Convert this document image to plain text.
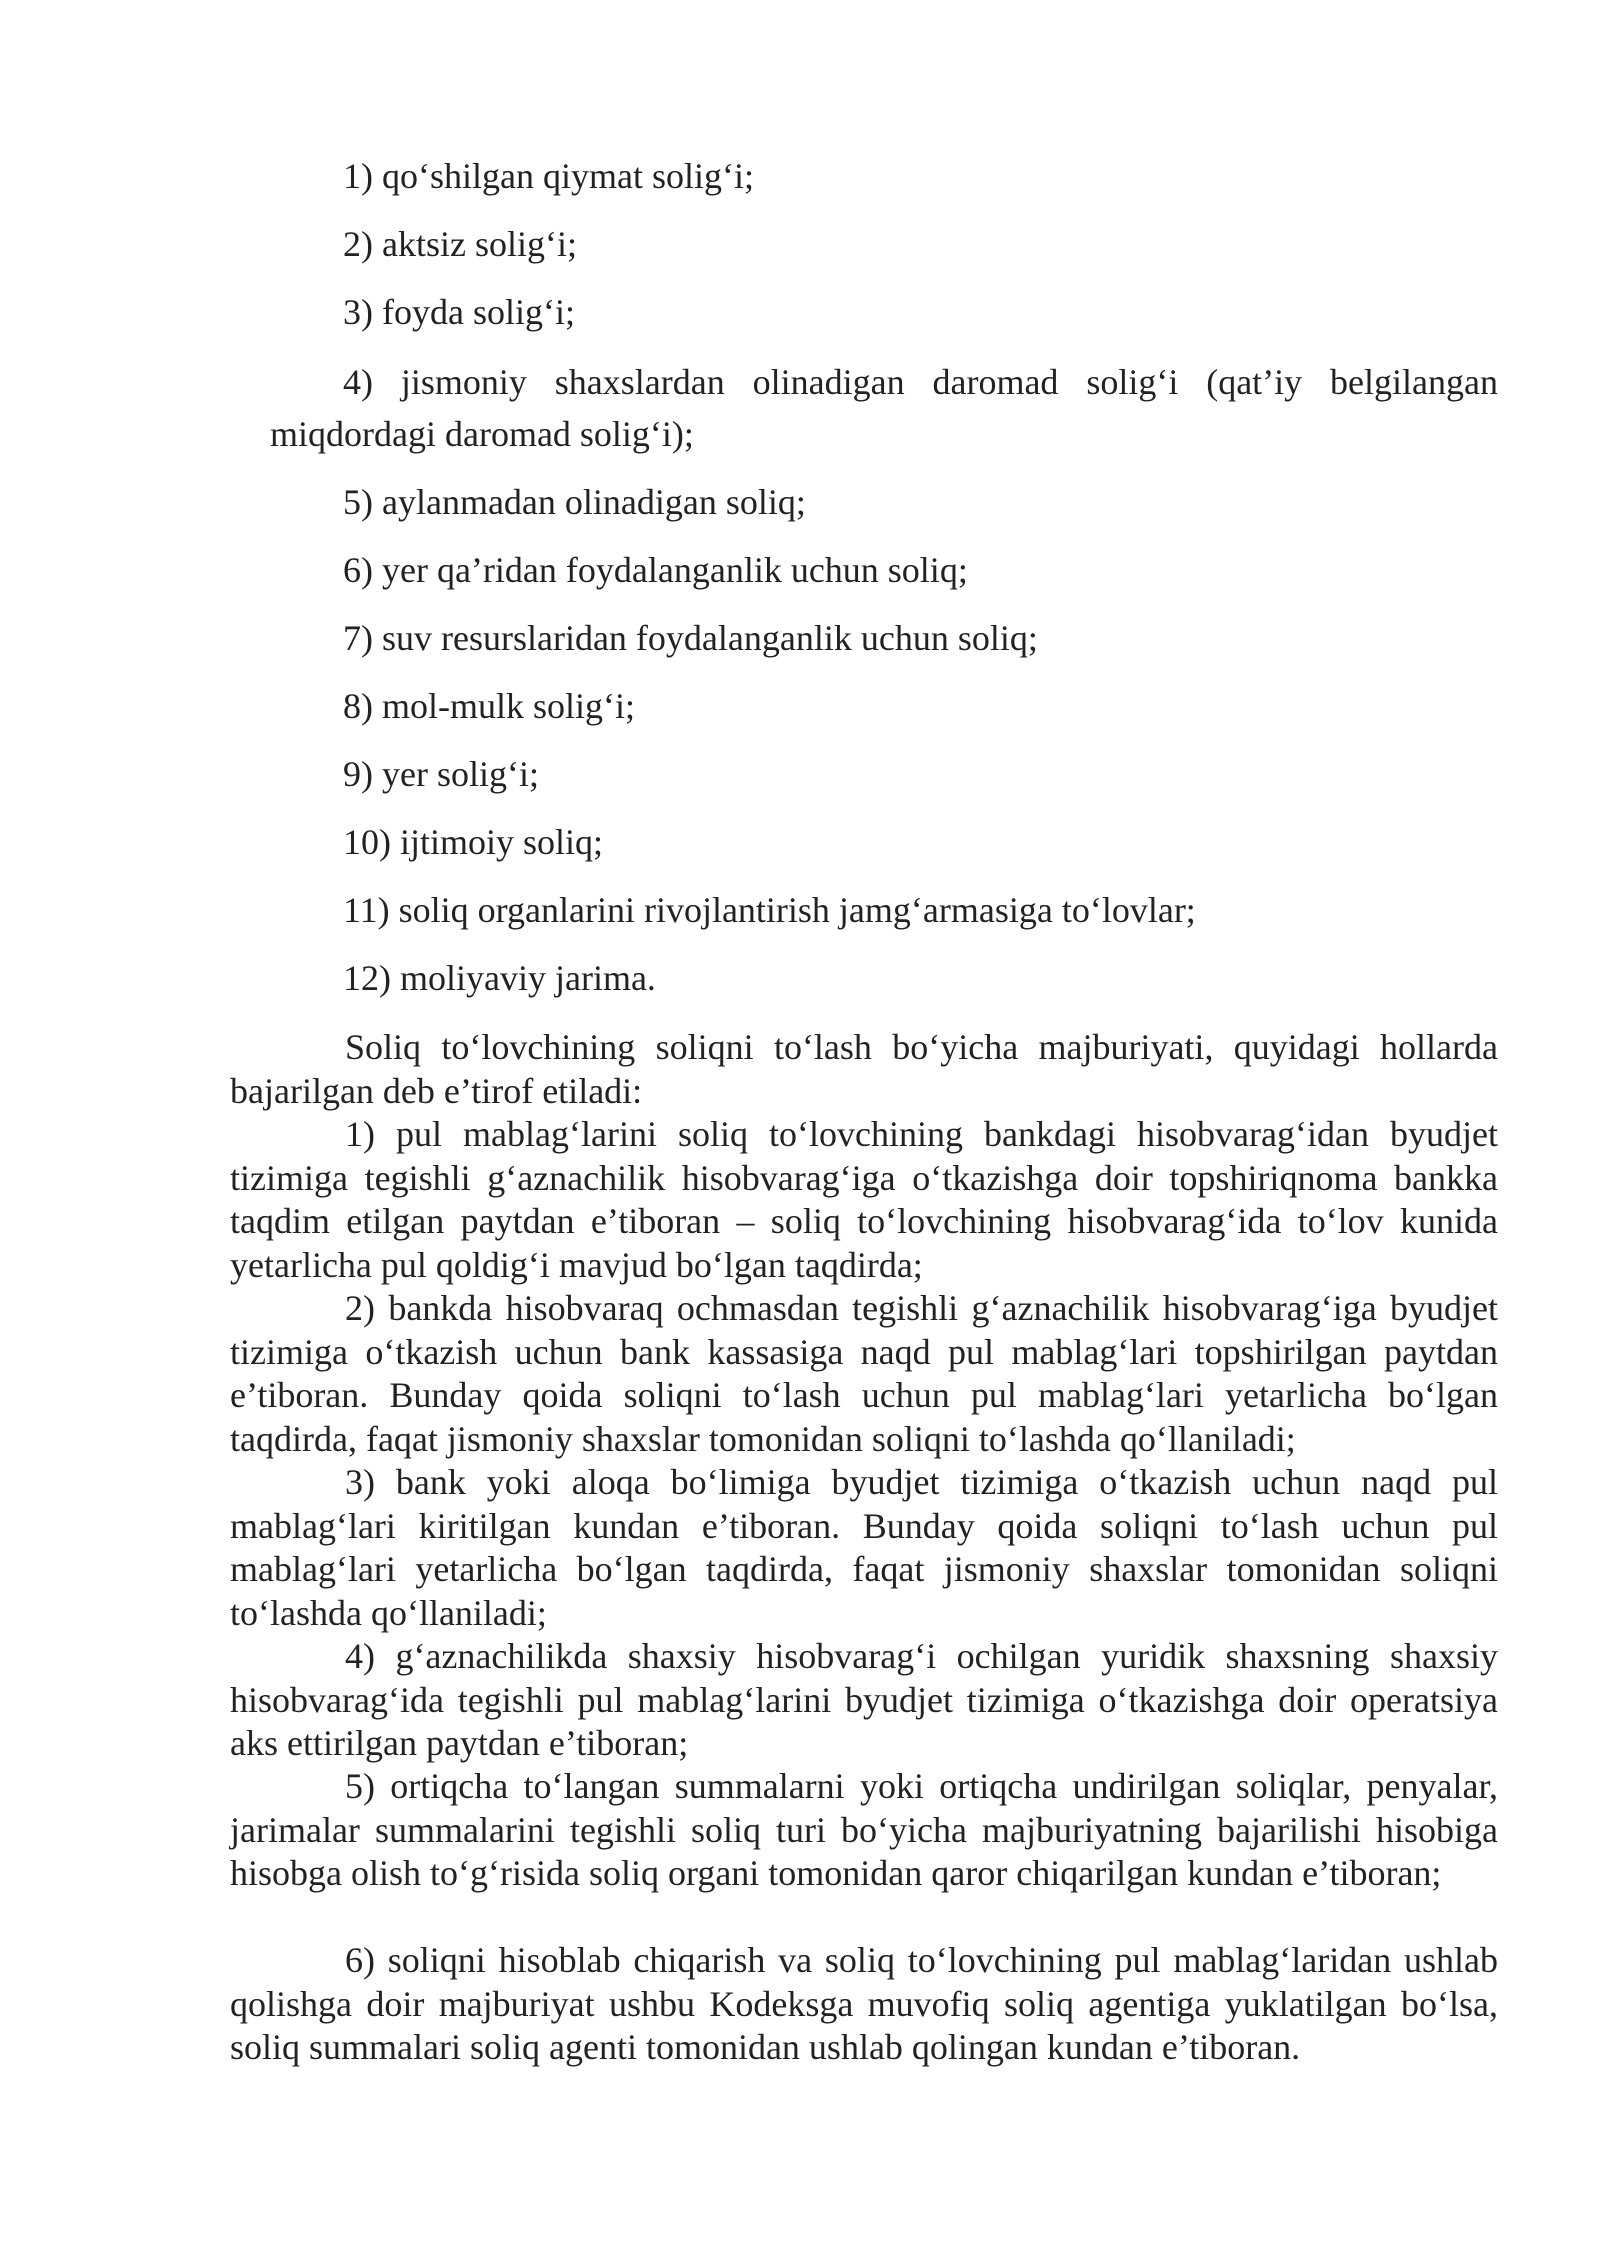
1) qo‘shilgan qiymat solig‘i;

2) aktsiz solig‘i;

3) foyda solig‘i;

4) jismoniy shaxslardan olinadigan daromad solig‘i (qat’iy belgilangan
miqdordagi daromad solig‘i);

5) aylanmadan olinadigan soliq;

6) yer qa’ridan foydalanganlik uchun soliq;

7) suv resurslaridan foydalanganlik uchun soliq;

8) mol-mulk solig‘i;

9) yer solig‘i;

10) ijtimoiy soliq;

11) soliq organlarini rivojlantirish jamg‘armasiga to‘lovlar;

12) moliyaviy jarima.

Soliq to‘lovchining soliqni to‘lash bo‘yicha majburiyati, quyidagi hollarda bajarilgan deb e’tirof etiladi:

1) pul mablag‘larini soliq to‘lovchining bankdagi hisobvarag‘idan byudjet tizimiga tegishli g‘aznachilik hisobvarag‘iga o‘tkazishga doir topshiriqnoma bankka taqdim etilgan paytdan e’tiboran – soliq to‘lovchining hisobvarag‘ida to‘lov kunida yetarlicha pul qoldig‘i mavjud bo‘lgan taqdirda;

2) bankda hisobvaraq ochmasdan tegishli g‘aznachilik hisobvarag‘iga byudjet tizimiga o‘tkazish uchun bank kassasiga naqd pul mablag‘lari topshirilgan paytdan e’tiboran. Bunday qoida soliqni to‘lash uchun pul mablag‘lari yetarlicha bo‘lgan taqdirda, faqat jismoniy shaxslar tomonidan soliqni to‘lashda qo‘llaniladi;

3) bank yoki aloqa bo‘limiga byudjet tizimiga o‘tkazish uchun naqd pul mablag‘lari kiritilgan kundan e’tiboran. Bunday qoida soliqni to‘lash uchun pul mablag‘lari yetarlicha bo‘lgan taqdirda, faqat jismoniy shaxslar tomonidan soliqni to‘lashda qo‘llaniladi;

4) g‘aznachilikda shaxsiy hisobvarag‘i ochilgan yuridik shaxsning shaxsiy hisobvarag‘ida tegishli pul mablag‘larini byudjet tizimiga o‘tkazishga doir operatsiya aks ettirilgan paytdan e’tiboran;

5) ortiqcha to‘langan summalarni yoki ortiqcha undirilgan soliqlar, penyalar, jarimalar summalarini tegishli soliq turi bo‘yicha majburiyatning bajarilishi hisobiga hisobga olish to‘g‘risida soliq organi tomonidan qaror chiqarilgan kundan e’tiboran;

6) soliqni hisoblab chiqarish va soliq to‘lovchining pul mablag‘laridan ushlab qolishga doir majburiyat ushbu Kodeksga muvofiq soliq agentiga yuklatilgan bo‘lsa, soliq summalari soliq agenti tomonidan ushlab qolingan kundan e’tiboran.
